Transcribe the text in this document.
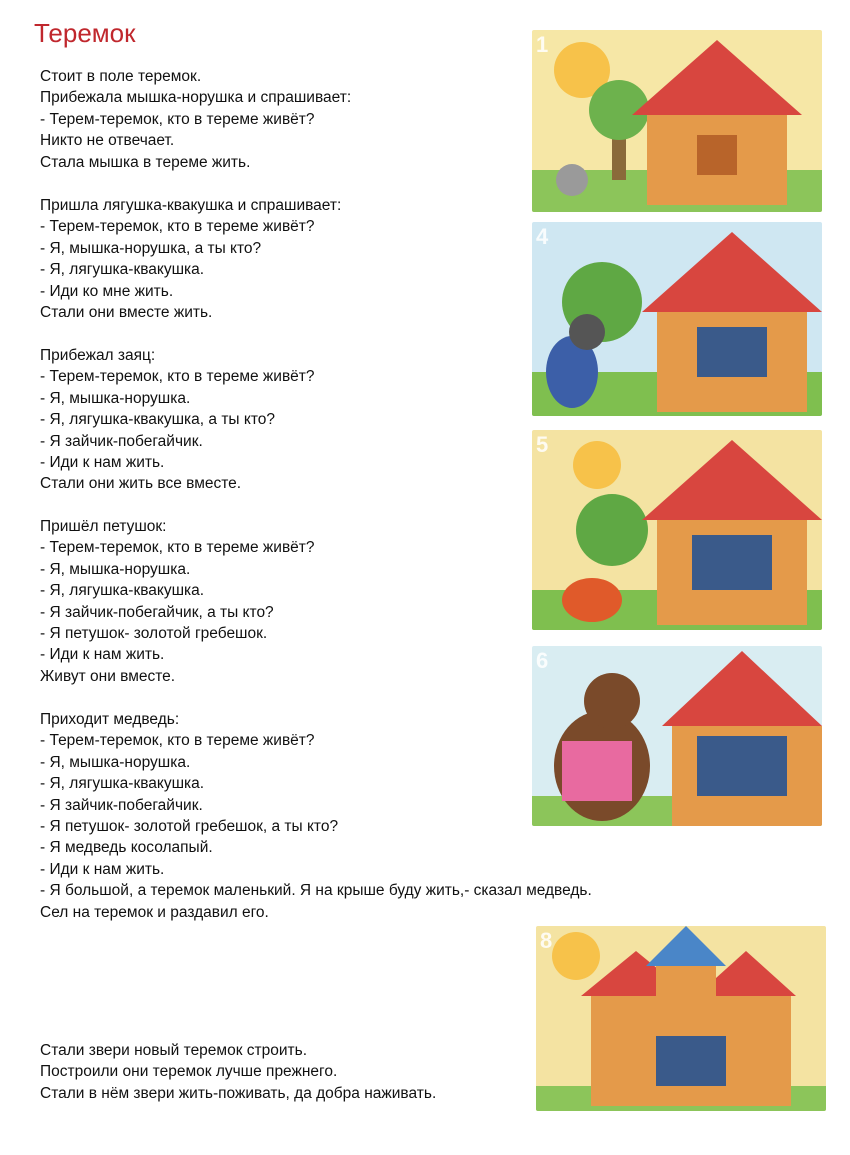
Теремок
Стоит в поле теремок.
Прибежала мышка-норушка и спрашивает:
- Терем-теремок, кто в тереме живёт?
Никто не отвечает.
Стала мышка в тереме жить.
Пришла лягушка-квакушка и спрашивает:
- Терем-теремок, кто в тереме живёт?
- Я, мышка-норушка, а ты кто?
- Я, лягушка-квакушка.
- Иди ко мне жить.
Стали они вместе жить.
Прибежал заяц:
- Терем-теремок, кто в тереме живёт?
- Я, мышка-норушка.
- Я, лягушка-квакушка, а ты кто?
- Я зайчик-побегайчик.
- Иди к нам жить.
Стали они жить все вместе.
Пришёл петушок:
- Терем-теремок, кто в тереме живёт?
- Я, мышка-норушка.
- Я, лягушка-квакушка.
- Я зайчик-побегайчик, а ты кто?
- Я петушок- золотой гребешок.
- Иди к нам жить.
Живут они вместе.
Приходит медведь:
- Терем-теремок, кто в тереме живёт?
- Я, мышка-норушка.
- Я, лягушка-квакушка.
- Я зайчик-побегайчик.
- Я петушок- золотой гребешок, а ты кто?
- Я медведь косолапый.
- Иди к нам жить.
- Я большой, а теремок маленький. Я на крыше буду жить,- сказал медведь.
Сел на теремок и раздавил его.
Стали звери новый теремок строить.
Построили они теремок лучше прежнего.
Стали в нём звери жить-поживать, да добра наживать.
1
4
5
6
8
